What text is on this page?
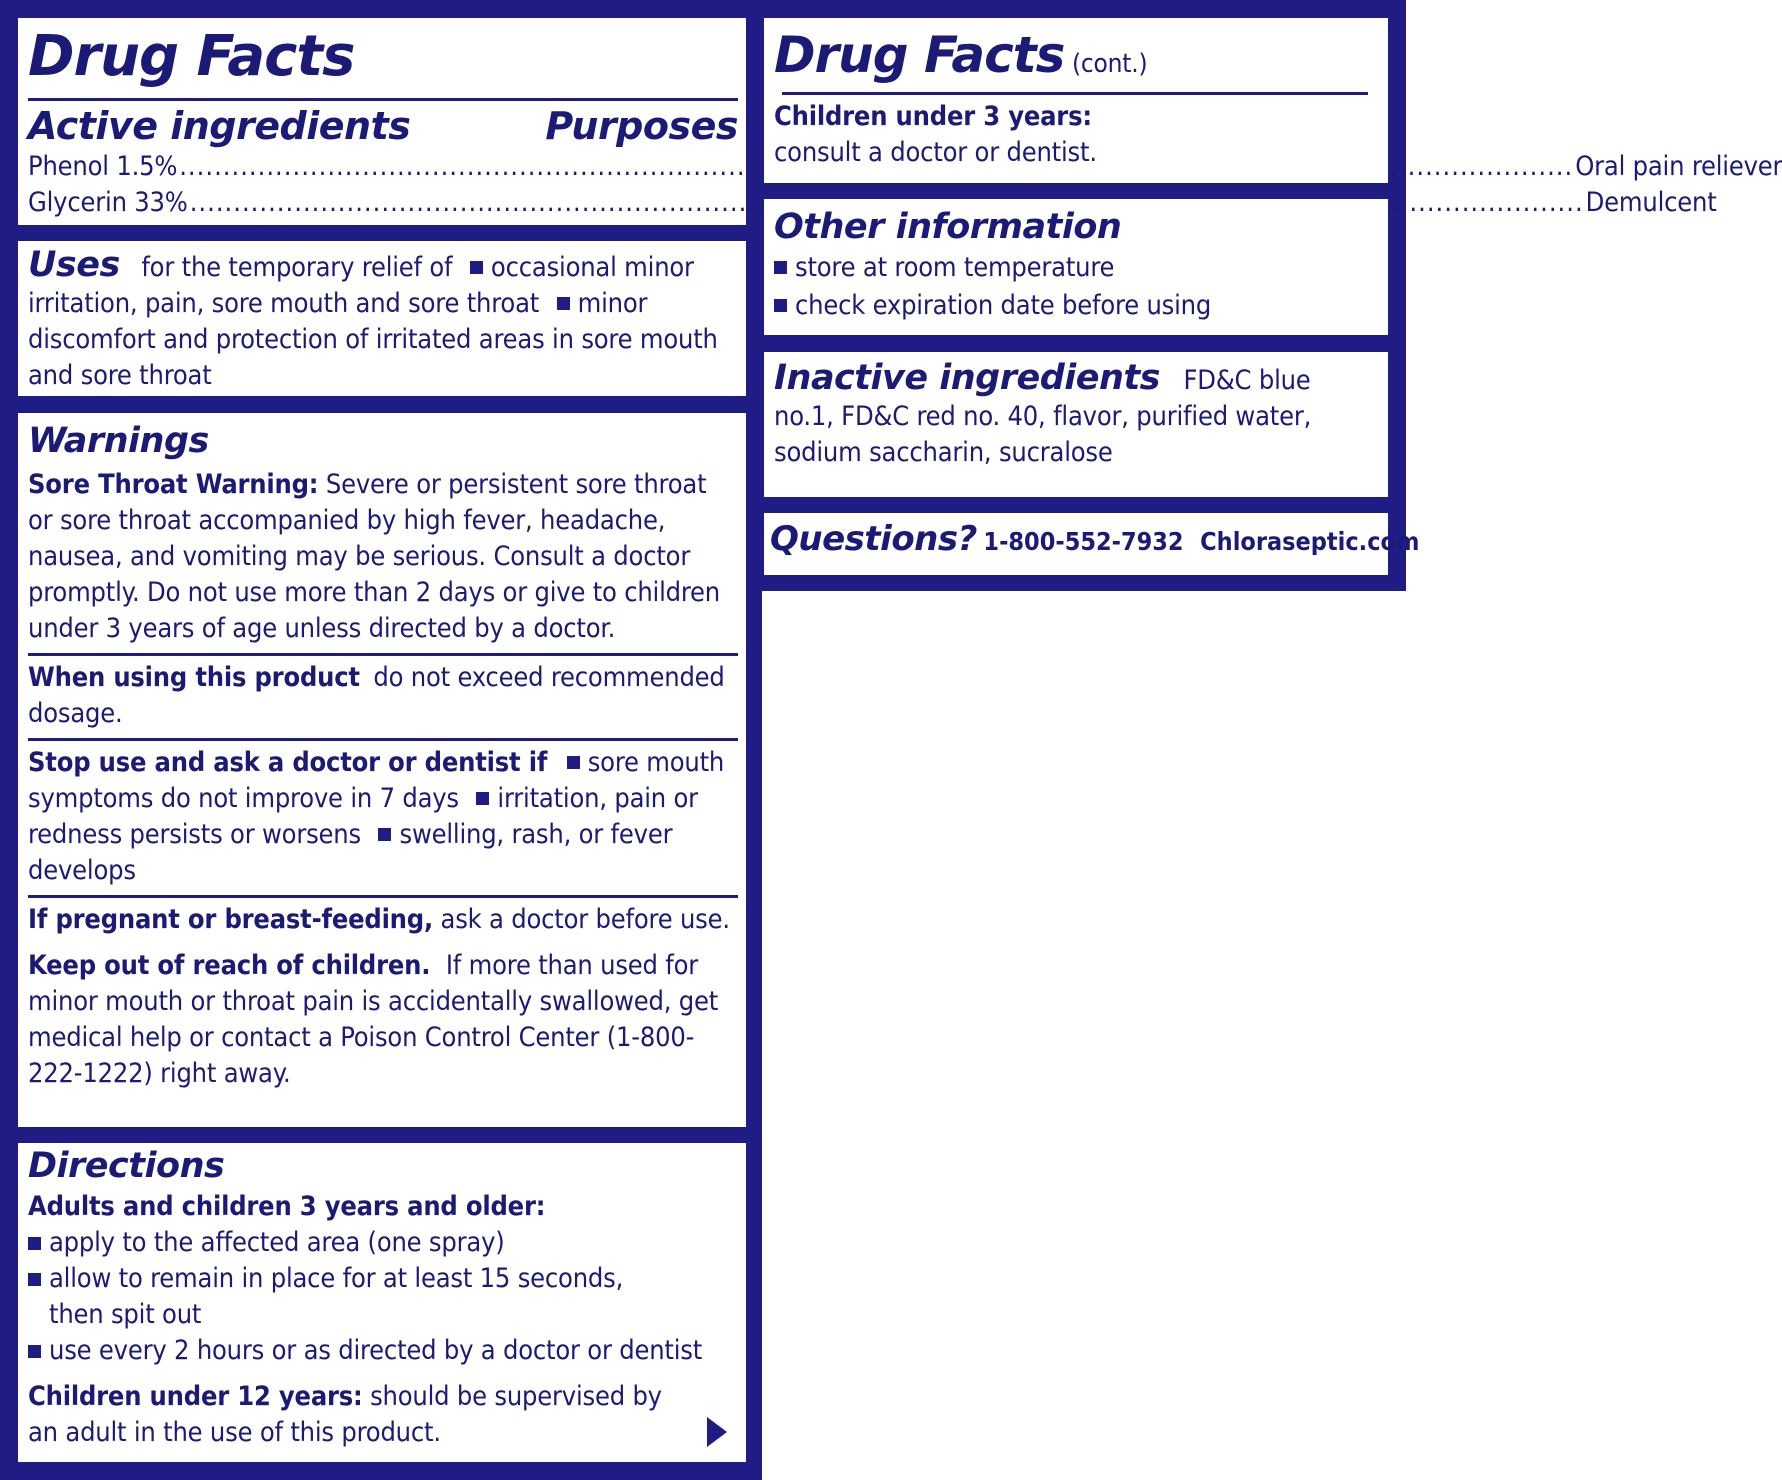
Drug Facts
Active ingredients	Purposes
Phenol 1.5% .....	Oral pain reliever
Glycerin 33% .....	Demulcent
Uses for the temporary relief of occasional minor irritation, pain, sore mouth and sore throat minor discomfort and protection of irritated areas in sore mouth and sore throat
Warnings
Sore Throat Warning: Severe or persistent sore throat or sore throat accompanied by high fever, headache, nausea, and vomiting may be serious. Consult a doctor promptly. Do not use more than 2 days or give to children under 3 years of age unless directed by a doctor.
When using this product do not exceed recommended dosage.
Stop use and ask a doctor or dentist if sore mouth symptoms do not improve in 7 days irritation, pain or redness persists or worsens swelling, rash, or fever develops
If pregnant or breast-feeding, ask a doctor before use.
Keep out of reach of children. If more than used for minor mouth or throat pain is accidentally swallowed, get medical help or contact a Poison Control Center (1-800-222-1222) right away.
Directions
Adults and children 3 years and older:
apply to the affected area (one spray)
allow to remain in place for at least 15 seconds, then spit out
use every 2 hours or as directed by a doctor or dentist
Children under 12 years: should be supervised by an adult in the use of this product.
Drug Facts (cont.)
Children under 3 years:
consult a doctor or dentist.
Other information
store at room temperature
check expiration date before using
Inactive ingredients FD&C blue no.1, FD&C red no. 40, flavor, purified water, sodium saccharin, sucralose
Questions? 1-800-552-7932 Chloraseptic.com
